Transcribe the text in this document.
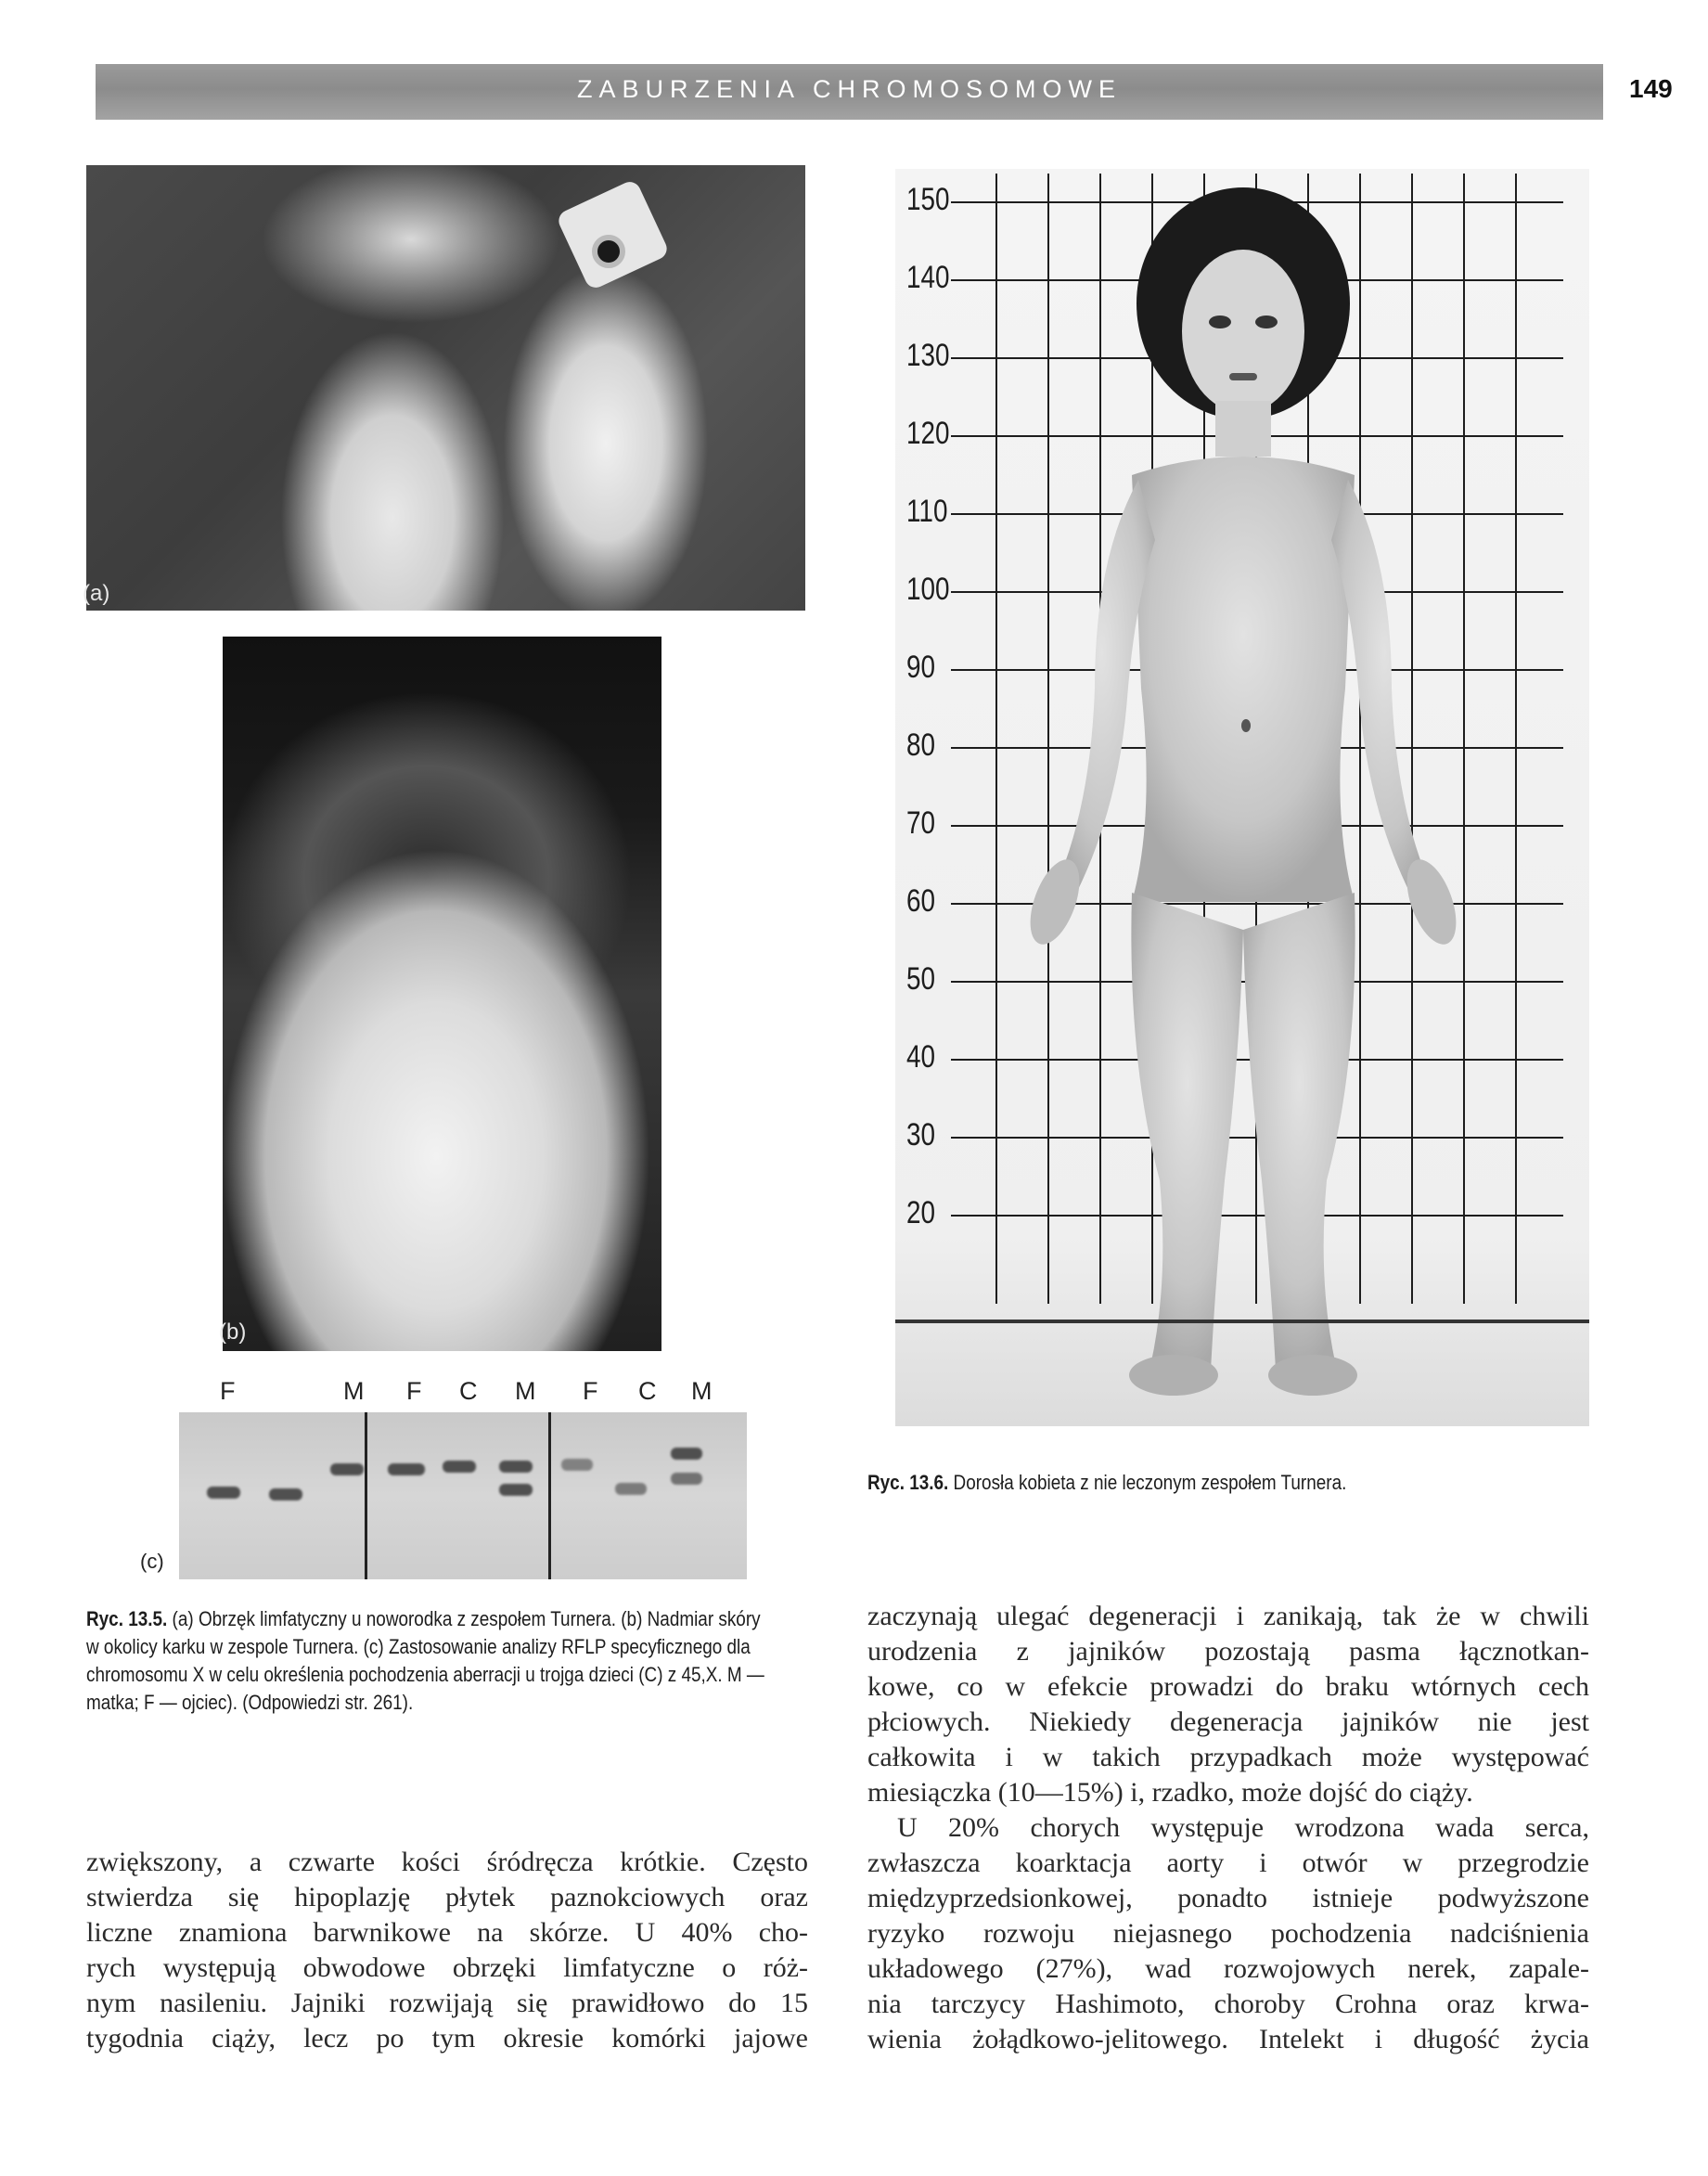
ZABURZENIA CHROMOSOMOWE	149
(a)
(b)
F	M F C M F C M
(c)
150
140
130
120
110
100
90
80
70
60
50
40
30
20
Ryc. 13.5. (a) Obrzęk limfatyczny u noworodka z zespołem Turnera. (b) Nadmiar skóry w okolicy karku w zespole Turnera. (c) Zastosowanie analizy RFLP specyficznego dla chromosomu X w celu określenia pochodzenia aberracji u trojga dzieci (C) z 45,X. M — matka; F — ojciec). (Odpowiedzi str. 261).
Ryc. 13.6. Dorosła kobieta z nie leczonym zespołem Turnera.
zwiększony, a czwarte kości śródręcza krótkie. Często
stwierdza się hipoplazję płytek paznokciowych oraz
liczne znamiona barwnikowe na skórze. U 40% cho-
rych występują obwodowe obrzęki limfatyczne o róż-
nym nasileniu. Jajniki rozwijają się prawidłowo do 15
tygodnia ciąży, lecz po tym okresie komórki jajowe
zaczynają ulegać degeneracji i zanikają, tak że w chwili
urodzenia z jajników pozostają pasma łącznotkan-
kowe, co w efekcie prowadzi do braku wtórnych cech
płciowych. Niekiedy degeneracja jajników nie jest
całkowita i w takich przypadkach może występować
miesiączka (10—15%) i, rzadko, może dojść do ciąży.
U 20% chorych występuje wrodzona wada serca,
zwłaszcza koarktacja aorty i otwór w przegrodzie
międzyprzedsionkowej, ponadto istnieje podwyższone
ryzyko rozwoju niejasnego pochodzenia nadciśnienia
układowego (27%), wad rozwojowych nerek, zapale-
nia tarczycy Hashimoto, choroby Crohna oraz krwa-
wienia żołądkowo-jelitowego. Intelekt i długość życia
